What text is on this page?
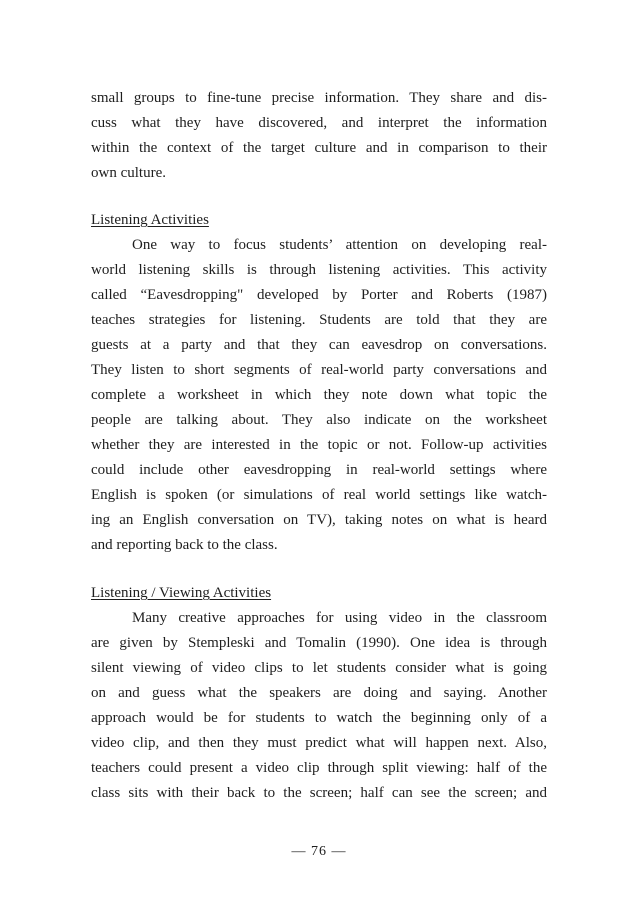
small groups to fine-tune precise information. They share and dis-
cuss what they have discovered, and interpret the information
within the context of the target culture and in comparison to their
own culture.
Listening Activities
One way to focus students’ attention on developing real-
world listening skills is through listening activities. This activity
called “Eavesdropping" developed by Porter and Roberts (1987)
teaches strategies for listening. Students are told that they are
guests at a party and that they can eavesdrop on conversations.
They listen to short segments of real-world party conversations and
complete a worksheet in which they note down what topic the
people are talking about. They also indicate on the worksheet
whether they are interested in the topic or not. Follow-up activities
could include other eavesdropping in real-world settings where
English is spoken (or simulations of real world settings like watch-
ing an English conversation on TV), taking notes on what is heard
and reporting back to the class.
Listening / Viewing Activities
Many creative approaches for using video in the classroom
are given by Stempleski and Tomalin (1990). One idea is through
silent viewing of video clips to let students consider what is going
on and guess what the speakers are doing and saying. Another
approach would be for students to watch the beginning only of a
video clip, and then they must predict what will happen next. Also,
teachers could present a video clip through split viewing: half of the
class sits with their back to the screen; half can see the screen; and
— 76 —
